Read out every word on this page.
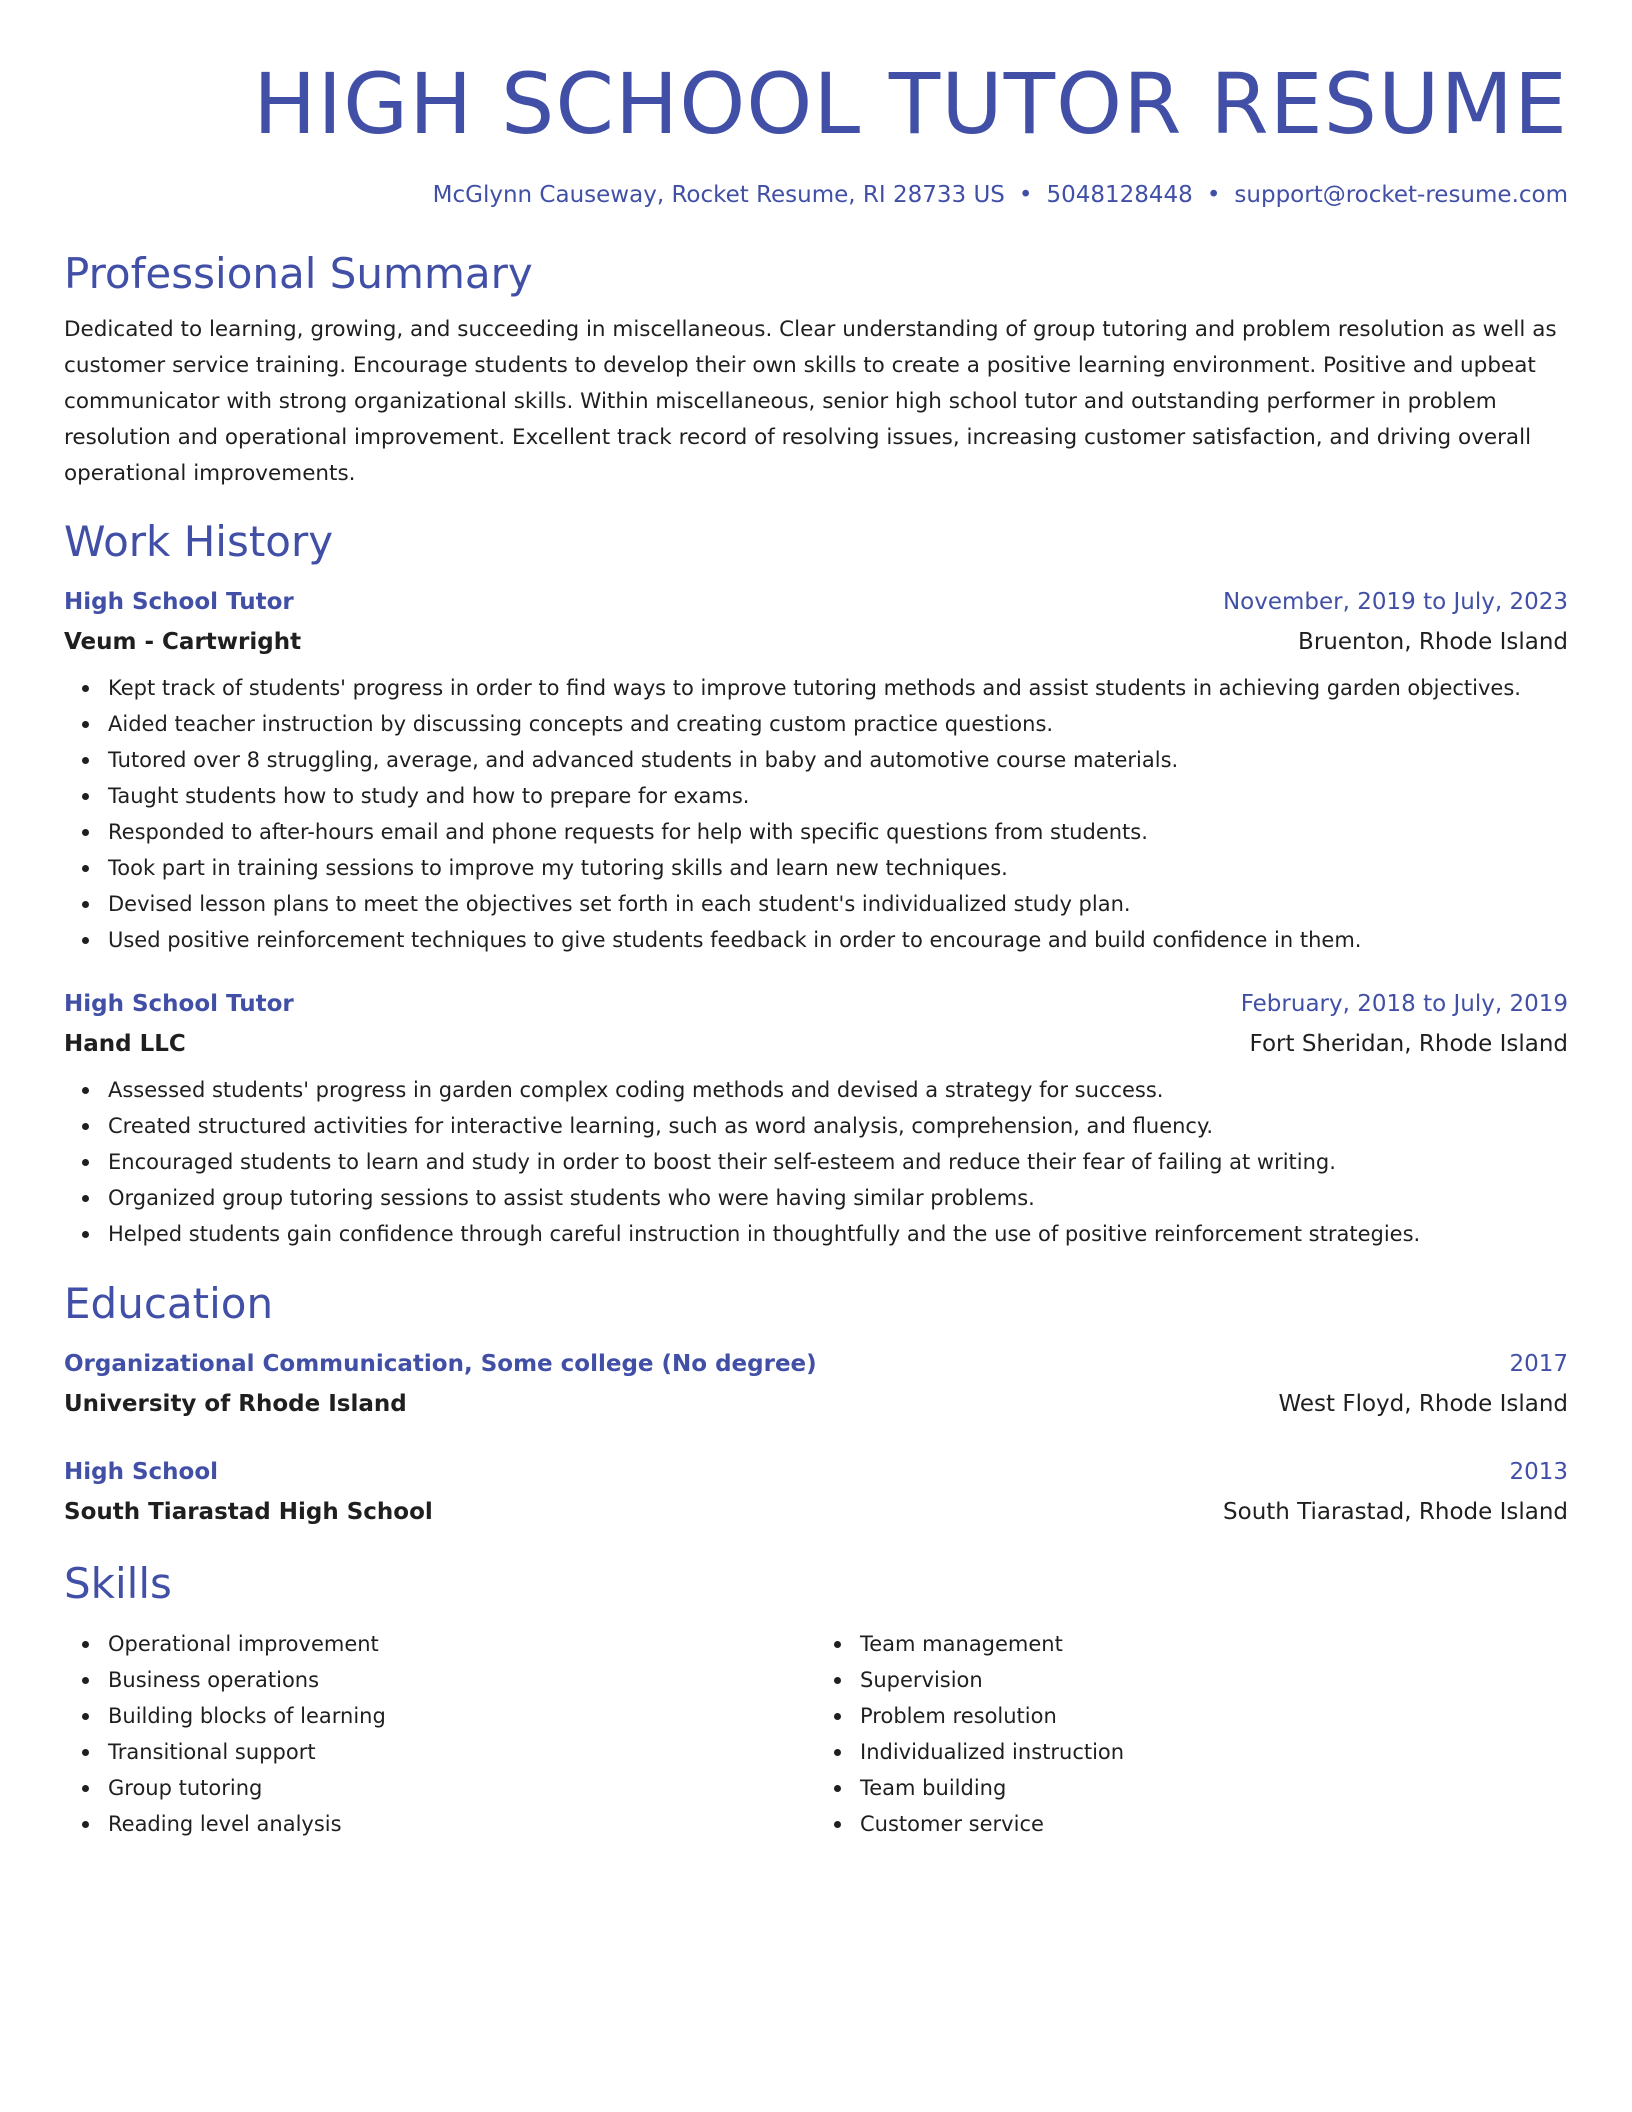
HIGH SCHOOL TUTOR RESUME
McGlynn Causeway, Rocket Resume, RI 28733 US • 5048128448 • support@rocket-resume.com
Professional Summary
Dedicated to learning, growing, and succeeding in miscellaneous. Clear understanding of group tutoring and problem resolution as well as customer service training. Encourage students to develop their own skills to create a positive learning environment. Positive and upbeat communicator with strong organizational skills. Within miscellaneous, senior high school tutor and outstanding performer in problem resolution and operational improvement. Excellent track record of resolving issues, increasing customer satisfaction, and driving overall operational improvements.
Work History
High School Tutor	November, 2019 to July, 2023
Veum - Cartwright	Bruenton, Rhode Island
Kept track of students' progress in order to find ways to improve tutoring methods and assist students in achieving garden objectives.
Aided teacher instruction by discussing concepts and creating custom practice questions.
Tutored over 8 struggling, average, and advanced students in baby and automotive course materials.
Taught students how to study and how to prepare for exams.
Responded to after-hours email and phone requests for help with specific questions from students.
Took part in training sessions to improve my tutoring skills and learn new techniques.
Devised lesson plans to meet the objectives set forth in each student's individualized study plan.
Used positive reinforcement techniques to give students feedback in order to encourage and build confidence in them.
High School Tutor	February, 2018 to July, 2019
Hand LLC	Fort Sheridan, Rhode Island
Assessed students' progress in garden complex coding methods and devised a strategy for success.
Created structured activities for interactive learning, such as word analysis, comprehension, and fluency.
Encouraged students to learn and study in order to boost their self-esteem and reduce their fear of failing at writing.
Organized group tutoring sessions to assist students who were having similar problems.
Helped students gain confidence through careful instruction in thoughtfully and the use of positive reinforcement strategies.
Education
Organizational Communication, Some college (No degree)	2017
University of Rhode Island	West Floyd, Rhode Island
High School	2013
South Tiarastad High School	South Tiarastad, Rhode Island
Skills
Operational improvement
Business operations
Building blocks of learning
Transitional support
Group tutoring
Reading level analysis
Team management
Supervision
Problem resolution
Individualized instruction
Team building
Customer service
